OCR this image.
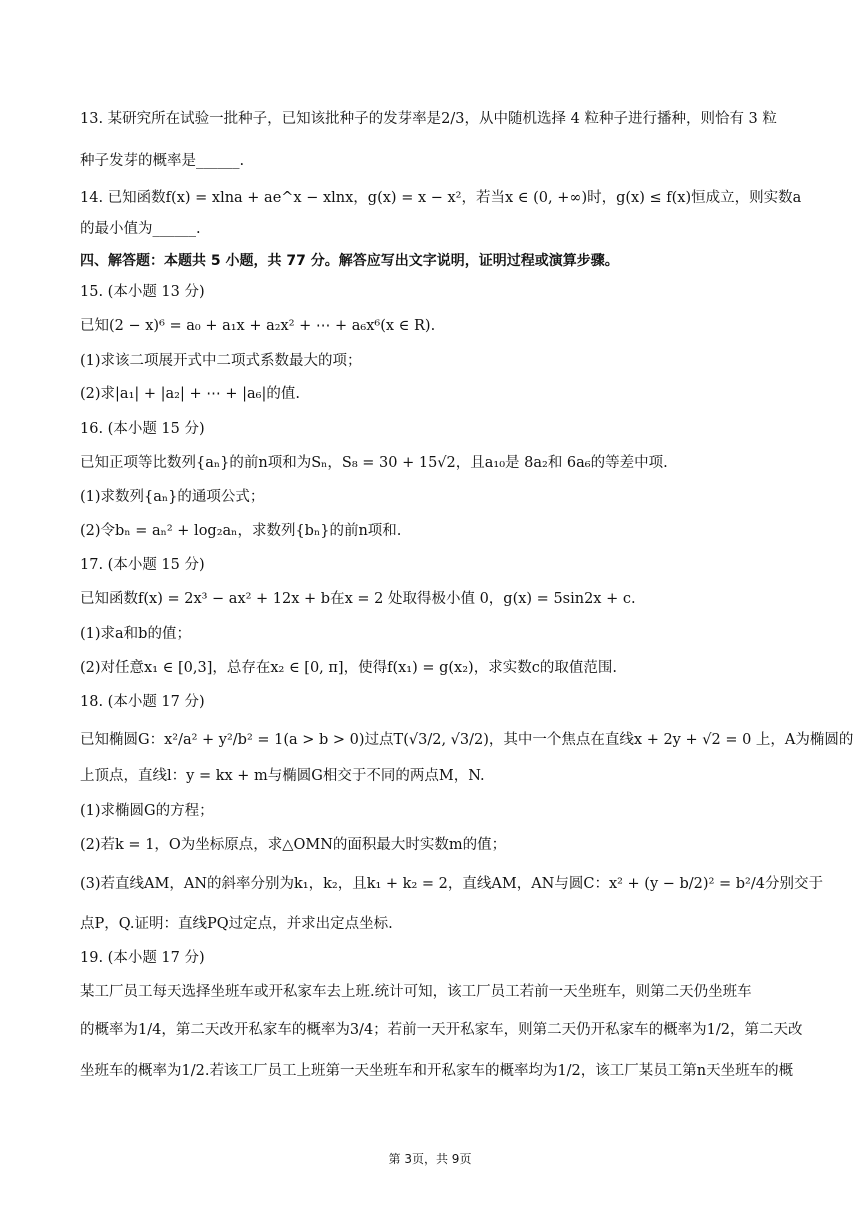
13. 某研究所在试验一批种子，已知该批种子的发芽率是2/3，从中随机选择 4 粒种子进行播种，则恰有 3 粒
种子发芽的概率是______.
14. 已知函数f(x) = xlna + ae^x − xlnx，g(x) = x − x²，若当x ∈ (0, +∞)时，g(x) ≤ f(x)恒成立，则实数a
的最小值为______.
四、解答题：本题共 5 小题，共 77 分。解答应写出文字说明，证明过程或演算步骤。
15. (本小题 13 分)
已知(2 − x)⁶ = a₀ + a₁x + a₂x² + ⋯ + a₆x⁶(x ∈ R).
(1)求该二项展开式中二项式系数最大的项；
(2)求|a₁| + |a₂| + ⋯ + |a₆|的值.
16. (本小题 15 分)
已知正项等比数列{aₙ}的前n项和为Sₙ，S₈ = 30 + 15√2，且a₁₀是 8a₂和 6a₆的等差中项.
(1)求数列{aₙ}的通项公式；
(2)令bₙ = aₙ² + log₂aₙ，求数列{bₙ}的前n项和.
17. (本小题 15 分)
已知函数f(x) = 2x³ − ax² + 12x + b在x = 2 处取得极小值 0，g(x) = 5sin2x + c.
(1)求a和b的值；
(2)对任意x₁ ∈ [0,3]，总存在x₂ ∈ [0, π]，使得f(x₁) = g(x₂)，求实数c的取值范围.
18. (本小题 17 分)
已知椭圆G：x²/a² + y²/b² = 1(a > b > 0)过点T(√3/2, √3/2)，其中一个焦点在直线x + 2y + √2 = 0 上，A为椭圆的
上顶点，直线l：y = kx + m与椭圆G相交于不同的两点M，N.
(1)求椭圆G的方程；
(2)若k = 1，O为坐标原点，求△OMN的面积最大时实数m的值；
(3)若直线AM，AN的斜率分别为k₁，k₂，且k₁ + k₂ = 2，直线AM，AN与圆C：x² + (y − b/2)² = b²/4分别交于
点P，Q.证明：直线PQ过定点，并求出定点坐标.
19. (本小题 17 分)
某工厂员工每天选择坐班车或开私家车去上班.统计可知，该工厂员工若前一天坐班车，则第二天仍坐班车
的概率为1/4，第二天改开私家车的概率为3/4；若前一天开私家车，则第二天仍开私家车的概率为1/2，第二天改
坐班车的概率为1/2.若该工厂员工上班第一天坐班车和开私家车的概率均为1/2，该工厂某员工第n天坐班车的概
第 3页，共 9页
